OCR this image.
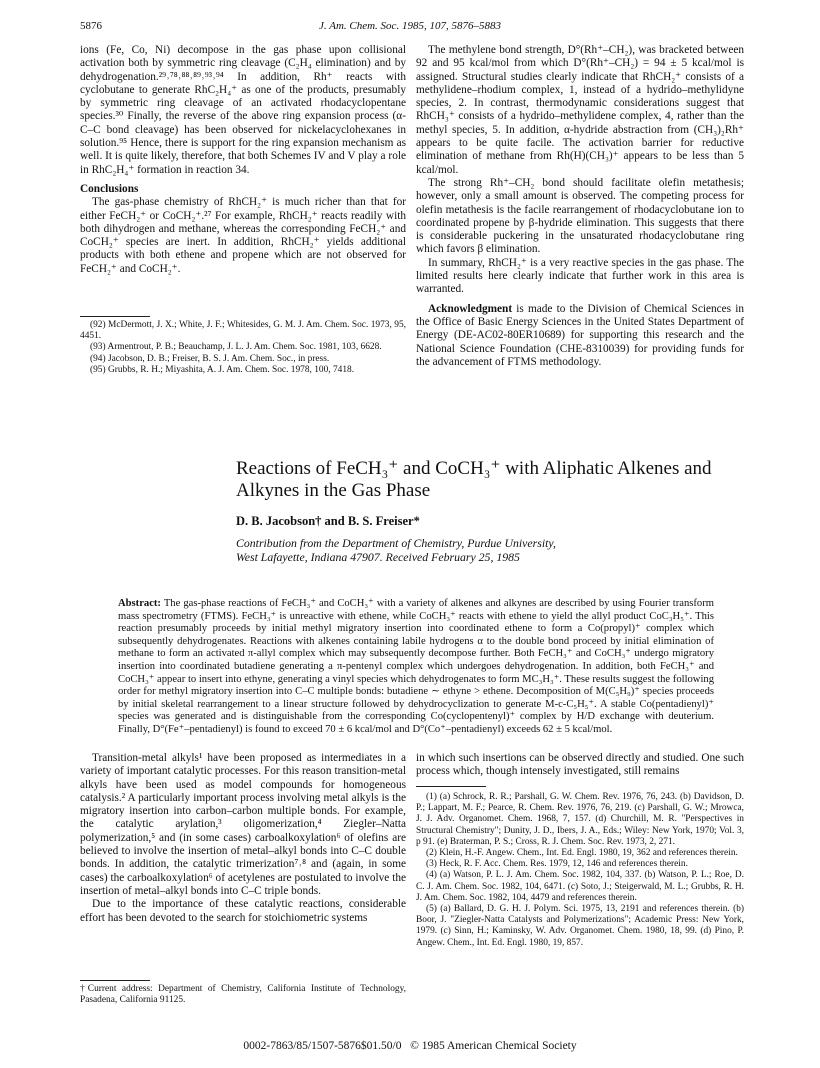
5876	J. Am. Chem. Soc. 1985, 107, 5876–5883

ions (Fe, Co, Ni) decompose in the gas phase upon collisional activation both by symmetric ring cleavage (C₂H₄ elimination) and by dehydrogenation.²⁹˒⁷⁸˒⁸⁸˒⁸⁹˒⁹³˒⁹⁴ In addition, Rh⁺ reacts with cyclobutane to generate RhC₂H₄⁺ as one of the products, presumably by symmetric ring cleavage of an activated rhodacyclopentane species.³⁰ Finally, the reverse of the above ring expansion process (α-C–C bond cleavage) has been observed for nickelacyclohexanes in solution.⁹⁵ Hence, there is support for the ring expansion mechanism as well. It is quite likely, therefore, that both Schemes IV and V play a role in RhC₂H₄⁺ formation in reaction 34.

Conclusions

The gas-phase chemistry of RhCH₂⁺ is much richer than that for either FeCH₂⁺ or CoCH₂⁺.²⁷ For example, RhCH₂⁺ reacts readily with both dihydrogen and methane, whereas the corresponding FeCH₂⁺ and CoCH₂⁺ species are inert. In addition, RhCH₂⁺ yields additional products with both ethene and propene which are not observed for FeCH₂⁺ and CoCH₂⁺.

(92) McDermott, J. X.; White, J. F.; Whitesides, G. M. J. Am. Chem. Soc. 1973, 95, 4451.
(93) Armentrout, P. B.; Beauchamp, J. L. J. Am. Chem. Soc. 1981, 103, 6628.
(94) Jacobson, D. B.; Freiser, B. S. J. Am. Chem. Soc., in press.
(95) Grubbs, R. H.; Miyashita, A. J. Am. Chem. Soc. 1978, 100, 7418.

The methylene bond strength, D°(Rh⁺–CH₂), was bracketed between 92 and 95 kcal/mol from which D°(Rh⁺–CH₂) = 94 ± 5 kcal/mol is assigned. Structural studies clearly indicate that RhCH₂⁺ consists of a methylidene–rhodium complex, 1, instead of a hydrido–methylidyne species, 2. In contrast, thermodynamic considerations suggest that RhCH₃⁺ consists of a hydrido–methylidene complex, 4, rather than the methyl species, 5. In addition, α-hydride abstraction from (CH₃)₂Rh⁺ appears to be quite facile. The activation barrier for reductive elimination of methane from Rh(H)(CH₃)⁺ appears to be less than 5 kcal/mol.

The strong Rh⁺–CH₂ bond should facilitate olefin metathesis; however, only a small amount is observed. The competing process for olefin metathesis is the facile rearrangement of rhodacyclobutane ion to coordinated propene by β-hydride elimination. This suggests that there is considerable puckering in the unsaturated rhodacyclobutane ring which favors β elimination.

In summary, RhCH₂⁺ is a very reactive species in the gas phase. The limited results here clearly indicate that further work in this area is warranted.

Acknowledgment is made to the Division of Chemical Sciences in the Office of Basic Energy Sciences in the United States Department of Energy (DE-AC02-80ER10689) for supporting this research and the National Science Foundation (CHE-8310039) for providing funds for the advancement of FTMS methodology.

Reactions of FeCH₃⁺ and CoCH₃⁺ with Aliphatic Alkenes and
Alkynes in the Gas Phase
D. B. Jacobson† and B. S. Freiser*
Contribution from the Department of Chemistry, Purdue University,
West Lafayette, Indiana 47907. Received February 25, 1985
Abstract: The gas-phase reactions of FeCH₃⁺ and CoCH₃⁺ with a variety of alkenes and alkynes are described by using Fourier transform mass spectrometry (FTMS). FeCH₃⁺ is unreactive with ethene, while CoCH₃⁺ reacts with ethene to yield the allyl product CoC₃H₅⁺. This reaction presumably proceeds by initial methyl migratory insertion into coordinated ethene to form a Co(propyl)⁺ complex which subsequently dehydrogenates. Reactions with alkenes containing labile hydrogens α to the double bond proceed by initial elimination of methane to form an activated π-allyl complex which may subsequently decompose further. Both FeCH₃⁺ and CoCH₃⁺ undergo migratory insertion into coordinated butadiene generating a π-pentenyl complex which undergoes dehydrogenation. In addition, both FeCH₃⁺ and CoCH₃⁺ appear to insert into ethyne, generating a vinyl species which dehydrogenates to form MC₃H₃⁺. These results suggest the following order for methyl migratory insertion into C–C multiple bonds: butadiene ∼ ethyne > ethene. Decomposition of M(C₅H₉)⁺ species proceeds by initial skeletal rearrangement to a linear structure followed by dehydrocyclization to generate M-c-C₅H₅⁺. A stable Co(pentadienyl)⁺ species was generated and is distinguishable from the corresponding Co(cyclopentenyl)⁺ complex by H/D exchange with deuterium. Finally, D°(Fe⁺–pentadienyl) is found to exceed 70 ± 6 kcal/mol and D°(Co⁺–pentadienyl) exceeds 62 ± 5 kcal/mol.

Transition-metal alkyls¹ have been proposed as intermediates in a variety of important catalytic processes. For this reason transition-metal alkyls have been used as model compounds for homogeneous catalysis.² A particularly important process involving metal alkyls is the migratory insertion into carbon–carbon multiple bonds. For example, the catalytic arylation,³ oligomerization,⁴ Ziegler–Natta polymerization,⁵ and (in some cases) carboalkoxylation⁶ of olefins are believed to involve the insertion of metal–alkyl bonds into C–C double bonds. In addition, the catalytic trimerization⁷˒⁸ and (again, in some cases) the carboalkoxylation⁶ of acetylenes are postulated to involve the insertion of metal–alkyl bonds into C–C triple bonds.

Due to the importance of these catalytic reactions, considerable effort has been devoted to the search for stoichiometric systems

†Current address: Department of Chemistry, California Institute of Technology, Pasadena, California 91125.

in which such insertions can be observed directly and studied. One such process which, though intensely investigated, still remains

(1) (a) Schrock, R. R.; Parshall, G. W. Chem. Rev. 1976, 76, 243. (b) Davidson, D. P.; Lappart, M. F.; Pearce, R. Chem. Rev. 1976, 76, 219. (c) Parshall, G. W.; Mrowca, J. J. Adv. Organomet. Chem. 1968, 7, 157. (d) Churchill, M. R. "Perspectives in Structural Chemistry"; Dunity, J. D., Ibers, J. A., Eds.; Wiley: New York, 1970; Vol. 3, p 91. (e) Braterman, P. S.; Cross, R. J. Chem. Soc. Rev. 1973, 2, 271.
(2) Klein, H.-F. Angew. Chem., Int. Ed. Engl. 1980, 19, 362 and references therein.
(3) Heck, R. F. Acc. Chem. Res. 1979, 12, 146 and references therein.
(4) (a) Watson, P. L. J. Am. Chem. Soc. 1982, 104, 337. (b) Watson, P. L.; Roe, D. C. J. Am. Chem. Soc. 1982, 104, 6471. (c) Soto, J.; Steigerwald, M. L.; Grubbs, R. H. J. Am. Chem. Soc. 1982, 104, 4479 and references therein.
(5) (a) Ballard, D. G. H. J. Polym. Sci. 1975, 13, 2191 and references therein. (b) Boor, J. "Ziegler-Natta Catalysts and Polymerizations"; Academic Press: New York, 1979. (c) Sinn, H.; Kaminsky, W. Adv. Organomet. Chem. 1980, 18, 99. (d) Pino, P. Angew. Chem., Int. Ed. Engl. 1980, 19, 857.
0002-7863/85/1507-5876$01.50/0 © 1985 American Chemical Society
